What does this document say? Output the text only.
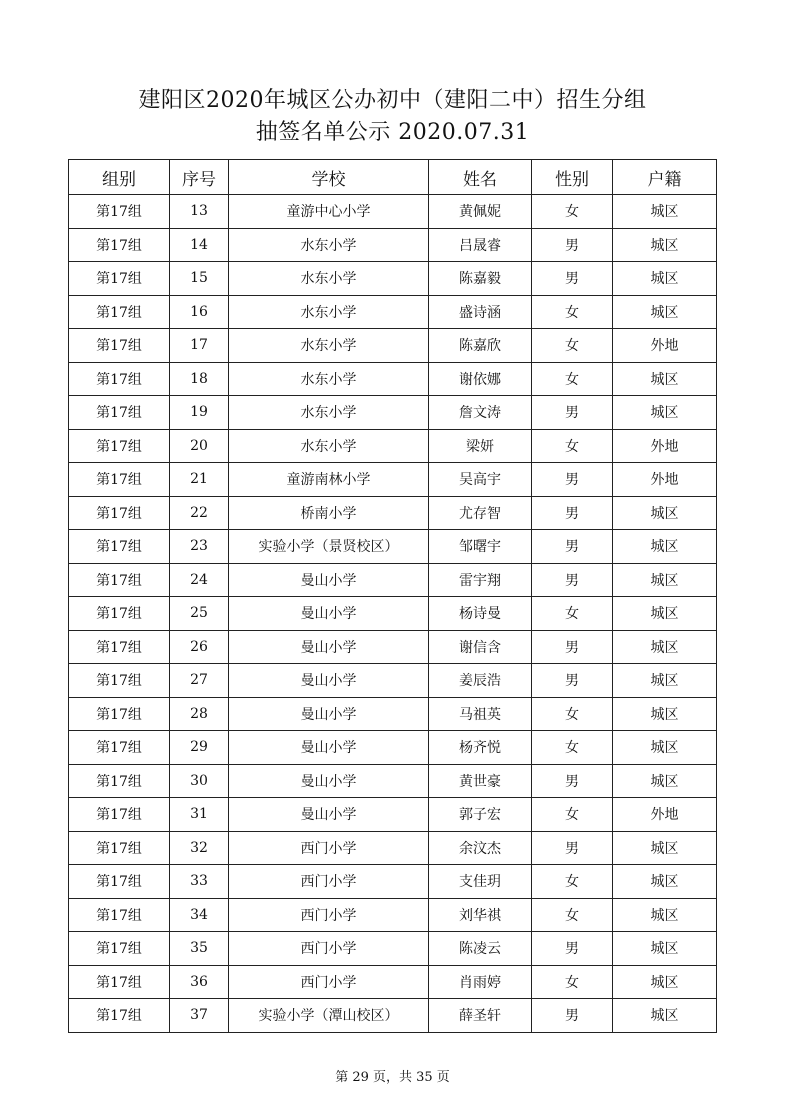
建阳区2020年城区公办初中（建阳二中）招生分组
抽签名单公示 2020.07.31
组别	序号	学校	姓名	性别	户籍
第17组	13	童游中心小学	黄佩妮	女	城区
第17组	14	水东小学	吕晟睿	男	城区
第17组	15	水东小学	陈嘉毅	男	城区
第17组	16	水东小学	盛诗涵	女	城区
第17组	17	水东小学	陈嘉欣	女	外地
第17组	18	水东小学	谢依娜	女	城区
第17组	19	水东小学	詹文涛	男	城区
第17组	20	水东小学	梁妍	女	外地
第17组	21	童游南林小学	吴高宇	男	外地
第17组	22	桥南小学	尤存智	男	城区
第17组	23	实验小学（景贤校区）	邹曙宇	男	城区
第17组	24	曼山小学	雷宇翔	男	城区
第17组	25	曼山小学	杨诗曼	女	城区
第17组	26	曼山小学	谢信含	男	城区
第17组	27	曼山小学	姜辰浩	男	城区
第17组	28	曼山小学	马祖英	女	城区
第17组	29	曼山小学	杨齐悦	女	城区
第17组	30	曼山小学	黄世豪	男	城区
第17组	31	曼山小学	郭子宏	女	外地
第17组	32	西门小学	余汶杰	男	城区
第17组	33	西门小学	支佳玥	女	城区
第17组	34	西门小学	刘华祺	女	城区
第17组	35	西门小学	陈凌云	男	城区
第17组	36	西门小学	肖雨婷	女	城区
第17组	37	实验小学（潭山校区）	薛圣轩	男	城区
第 29 页，共 35 页
